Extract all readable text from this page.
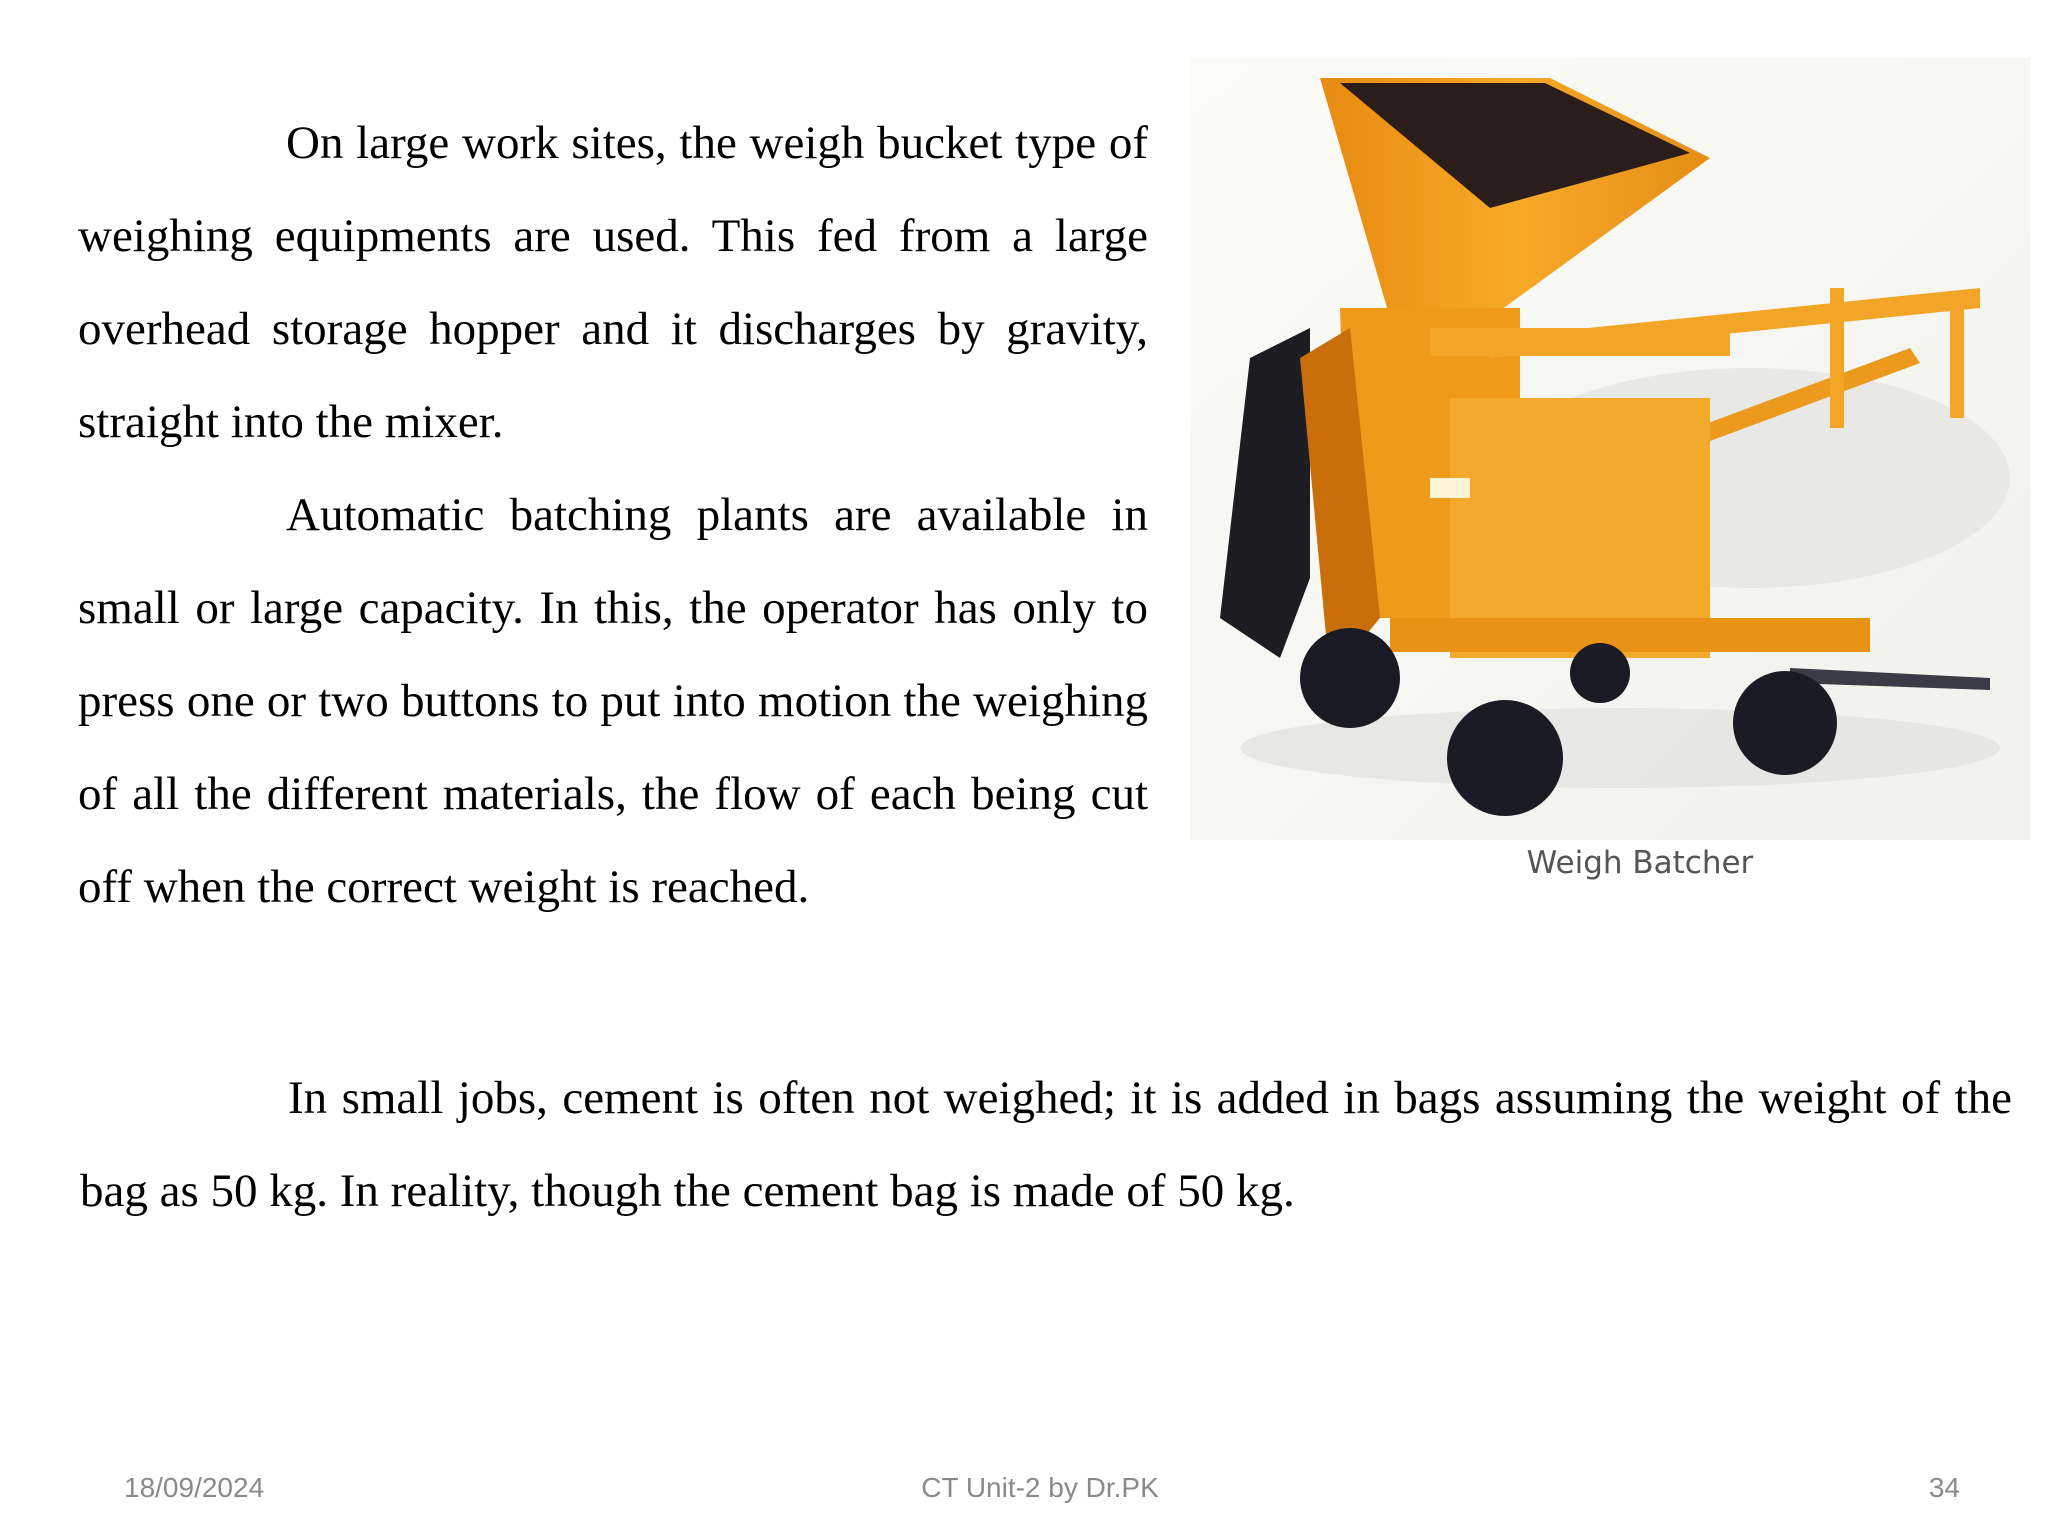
On large work sites, the weigh bucket type of weighing equipments are used. This fed from a large overhead storage hopper and it discharges by gravity, straight into the mixer.
Automatic batching plants are available in small or large capacity. In this, the operator has only to press one or two buttons to put into motion the weighing of all the different materials, the flow of each being cut off when the correct weight is reached.	Weigh Batcher

In small jobs, cement is often not weighed; it is added in bags assuming the weight of the bag as 50 kg. In reality, though the cement bag is made of 50 kg.

18/09/2024	CT Unit-2 by Dr.PK	34
